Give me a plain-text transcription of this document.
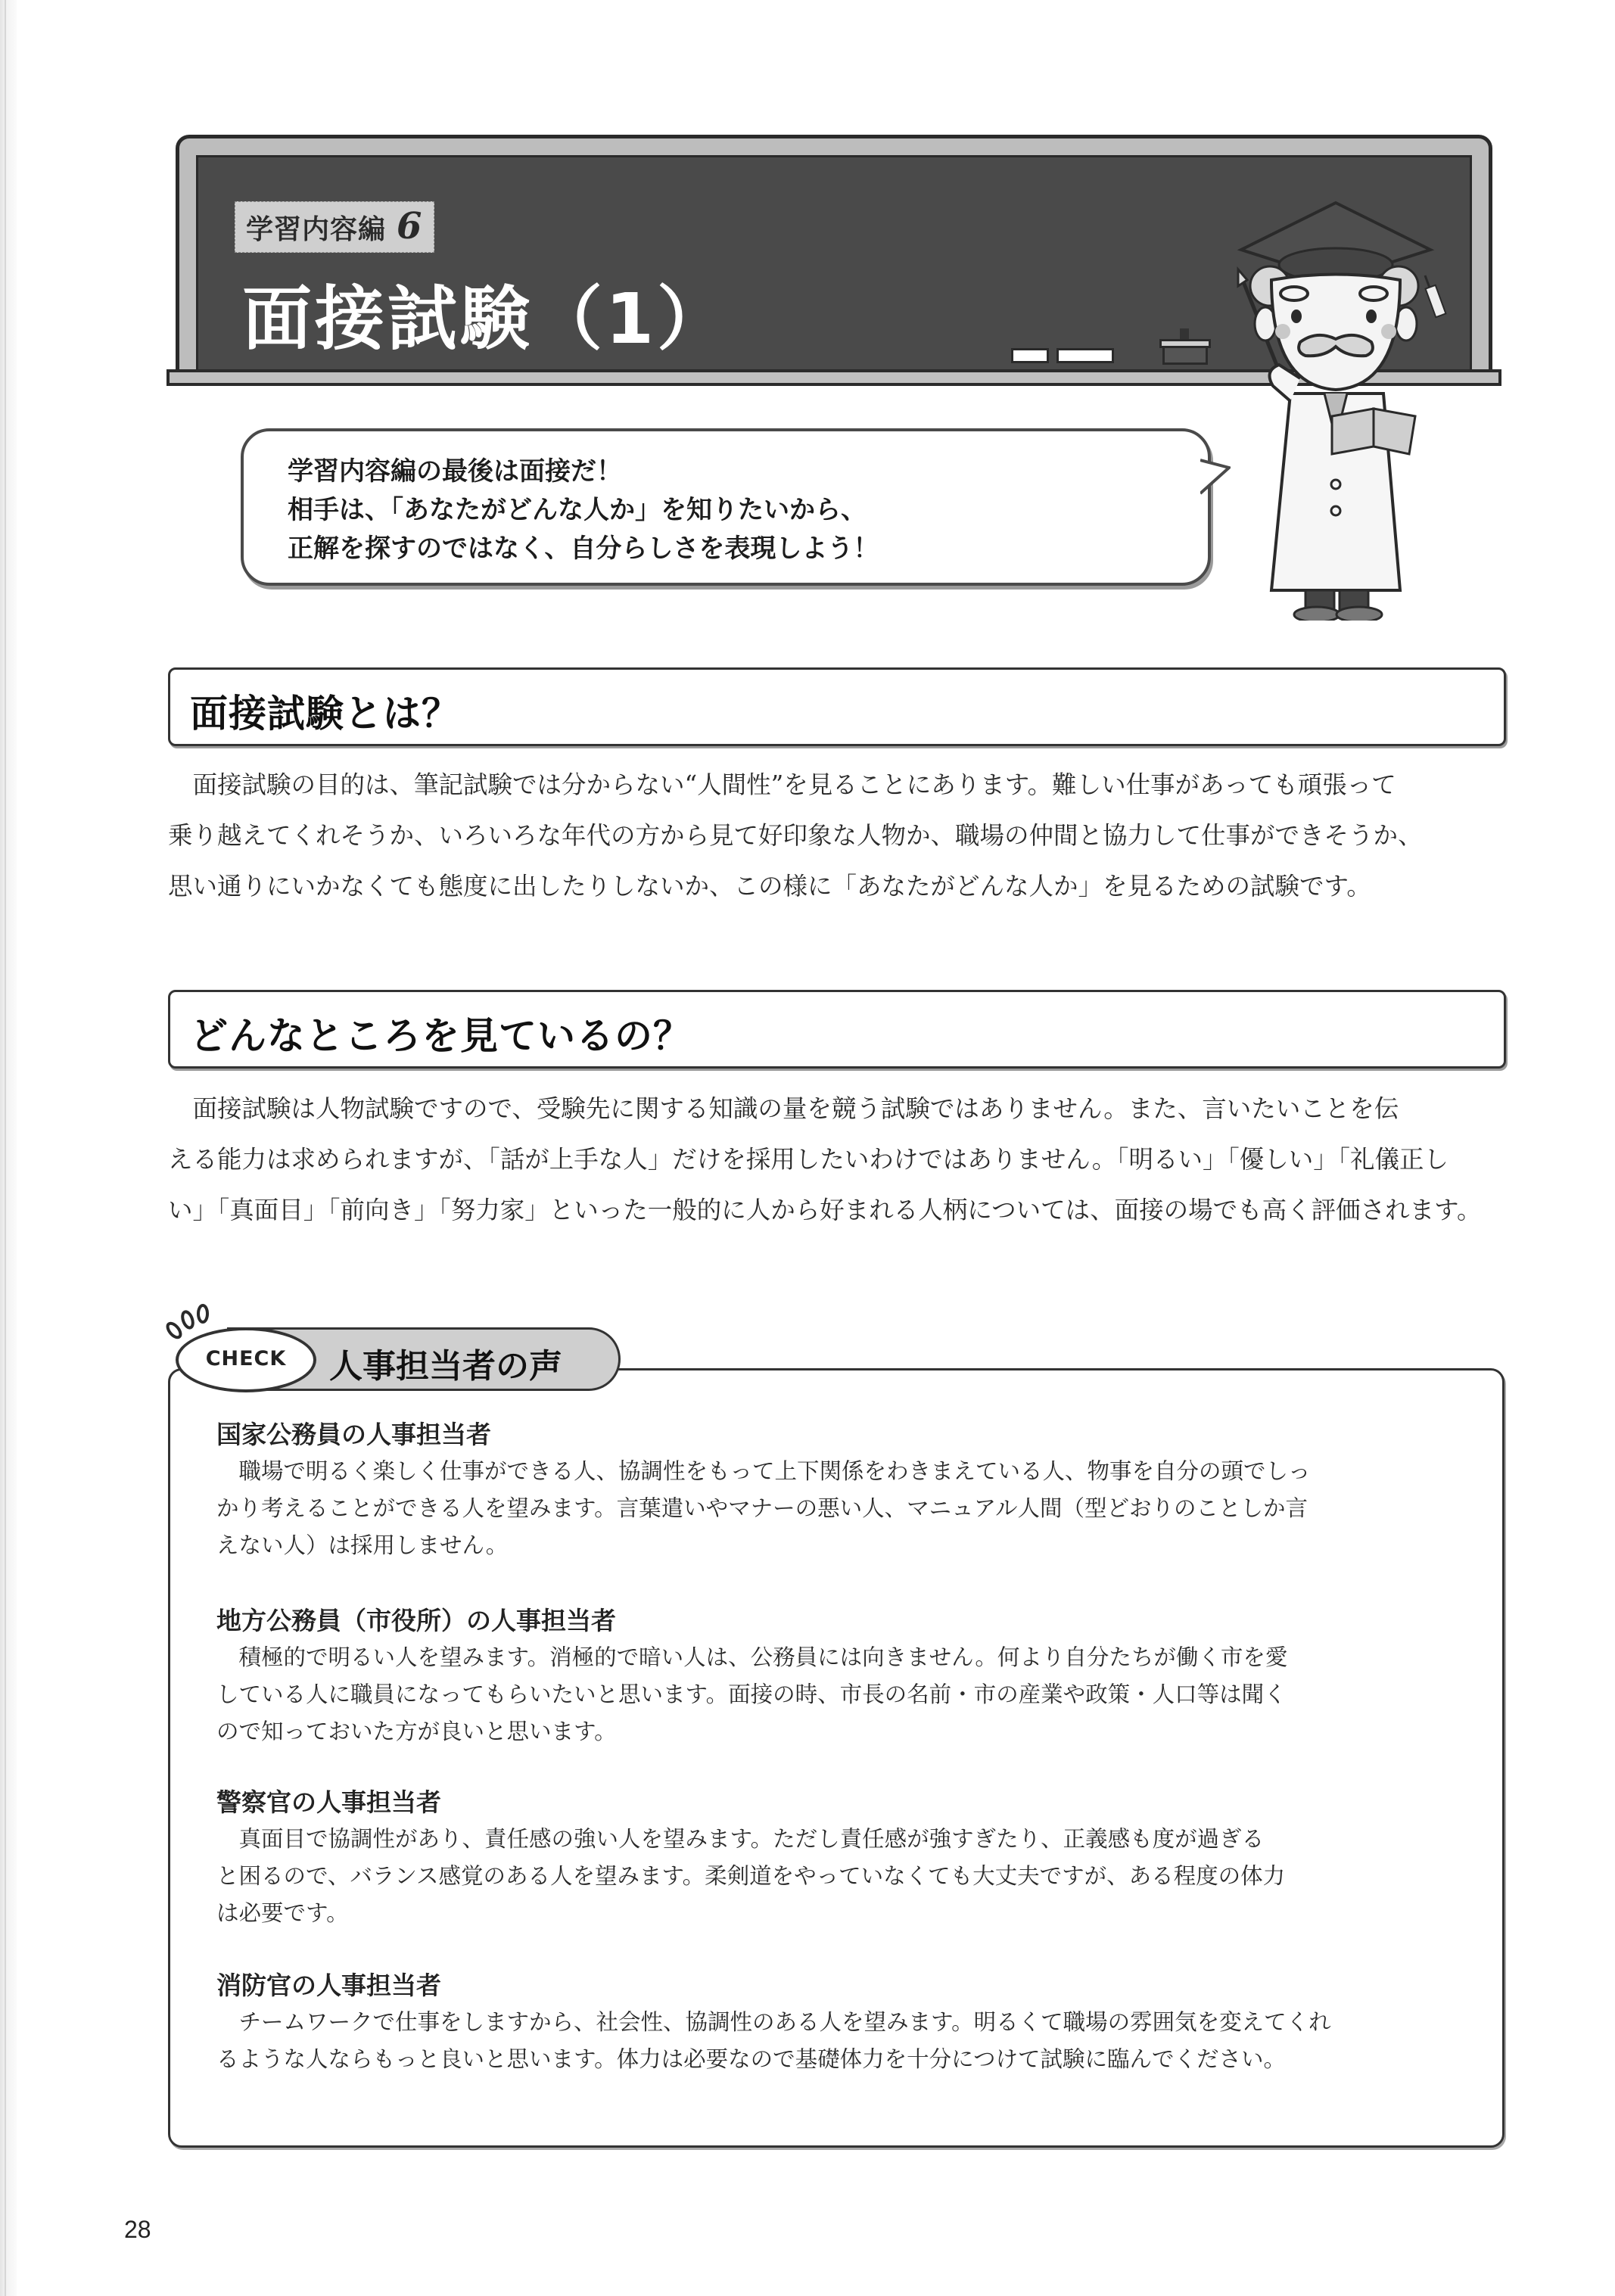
学習内容編 6
面接試験（1）
学習内容編の最後は面接だ！
相手は、「あなたがどんな人か」を知りたいから、
正解を探すのではなく、自分らしさを表現しよう！
面接試験とは？
　面接試験の目的は、筆記試験では分からない“人間性”を見ることにあります。難しい仕事があっても頑張って
乗り越えてくれそうか、いろいろな年代の方から見て好印象な人物か、職場の仲間と協力して仕事ができそうか、
思い通りにいかなくても態度に出したりしないか、この様に「あなたがどんな人か」を見るための試験です。
どんなところを見ているの？
　面接試験は人物試験ですので、受験先に関する知識の量を競う試験ではありません。また、言いたいことを伝
える能力は求められますが、「話が上手な人」だけを採用したいわけではありません。「明るい」「優しい」「礼儀正し
い」「真面目」「前向き」「努力家」といった一般的に人から好まれる人柄については、面接の場でも高く評価されます。
人事担当者の声
CHECK
国家公務員の人事担当者
　職場で明るく楽しく仕事ができる人、協調性をもって上下関係をわきまえている人、物事を自分の頭でしっ
かり考えることができる人を望みます。言葉遣いやマナーの悪い人、マニュアル人間（型どおりのことしか言
えない人）は採用しません。
地方公務員（市役所）の人事担当者
　積極的で明るい人を望みます。消極的で暗い人は、公務員には向きません。何より自分たちが働く市を愛
している人に職員になってもらいたいと思います。面接の時、市長の名前・市の産業や政策・人口等は聞く
ので知っておいた方が良いと思います。
警察官の人事担当者
　真面目で協調性があり、責任感の強い人を望みます。ただし責任感が強すぎたり、正義感も度が過ぎる
と困るので、バランス感覚のある人を望みます。柔剣道をやっていなくても大丈夫ですが、ある程度の体力
は必要です。
消防官の人事担当者
　チームワークで仕事をしますから、社会性、協調性のある人を望みます。明るくて職場の雰囲気を変えてくれ
るような人ならもっと良いと思います。体力は必要なので基礎体力を十分につけて試験に臨んでください。
28
